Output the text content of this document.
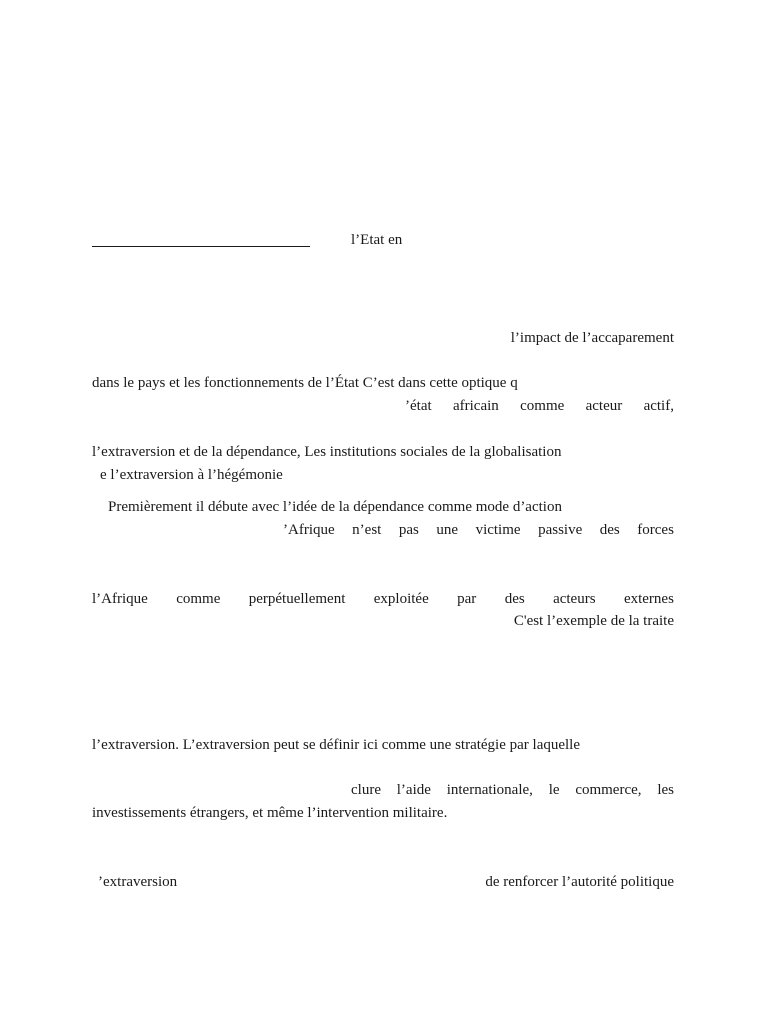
l’Etat en
l’impact de l’accaparement
dans le pays et les fonctionnements de l’État C’est dans cette optique q
’état africain comme acteur actif,
l’extraversion et de la dépendance, Les institutions sociales de la globalisation
e l’extraversion à l’hégémonie
Premièrement il débute avec l’idée de la dépendance comme mode d’action
’Afrique n’est pas une victime passive des forces
l’Afrique comme perpétuellement exploitée par des acteurs externes
C'est l’exemple de la traite
l’extraversion. L’extraversion peut se définir ici comme une stratégie par laquelle
clure l’aide internationale, le commerce, les
investissements étrangers, et même l’intervention militaire.
’extraversion	de renforcer l’autorité politique
